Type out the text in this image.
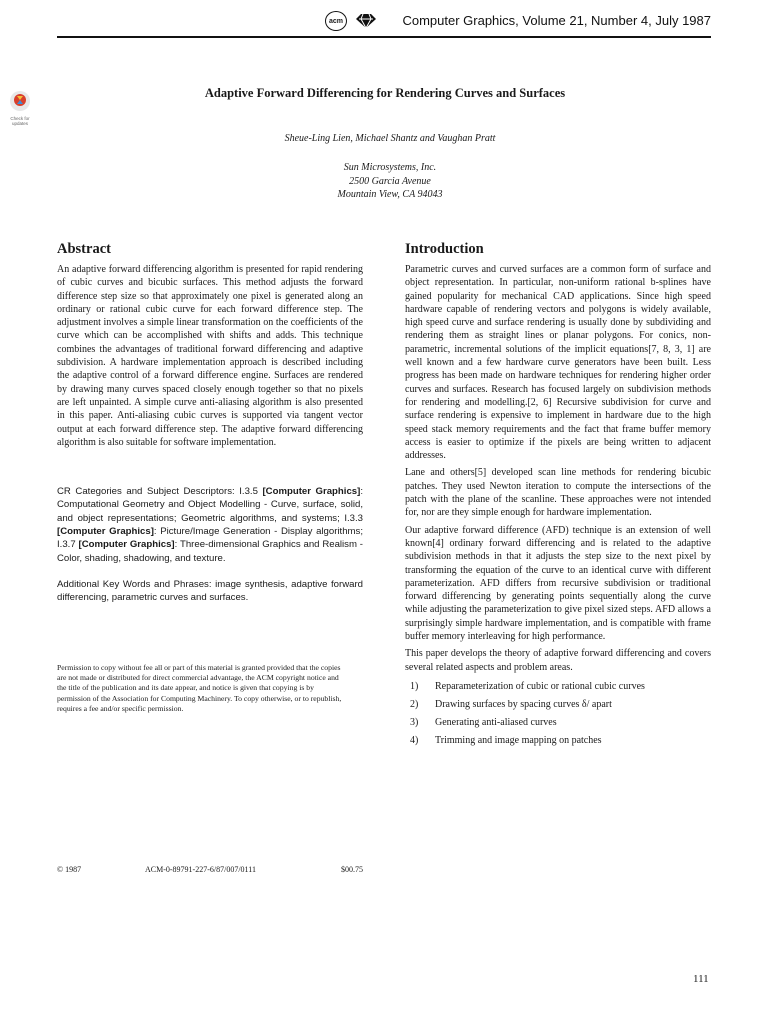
acm	Computer Graphics, Volume 21, Number 4, July 1987
Check for
updates
Adaptive Forward Differencing for Rendering Curves and Surfaces
Sheue-Ling Lien, Michael Shantz and Vaughan Pratt
Sun Microsystems, Inc.
2500 Garcia Avenue
Mountain View, CA 94043
Abstract

An adaptive forward differencing algorithm is presented for rapid rendering of cubic curves and bicubic surfaces. This method adjusts the forward difference step size so that approximately one pixel is generated along an ordinary or rational cubic curve for each forward difference step. The adjustment involves a simple linear transformation on the coefficients of the curve which can be accomplished with shifts and adds. This technique combines the advantages of traditional forward differencing and adaptive subdivision. A hardware implementation approach is described including the adaptive control of a forward difference engine. Surfaces are rendered by drawing many curves spaced closely enough together so that no pixels are left unpainted. A simple curve anti-aliasing algorithm is also presented in this paper. Anti-aliasing cubic curves is supported via tangent vector output at each forward difference step. The adaptive forward differencing algorithm is also suitable for software implementation.

CR Categories and Subject Descriptors: I.3.5 [Computer Graphics]: Computational Geometry and Object Modelling - Curve, surface, solid, and object representations; Geometric algorithms, and systems; I.3.3 [Computer Graphics]: Picture/Image Generation - Display algorithms; I.3.7 [Computer Graphics]: Three-dimensional Graphics and Realism - Color, shading, shadowing, and texture.

Additional Key Words and Phrases: image synthesis, adaptive forward differencing, parametric curves and surfaces.

Permission to copy without fee all or part of this material is granted provided that the copies are not made or distributed for direct commercial advantage, the ACM copyright notice and the title of the publication and its date appear, and notice is given that copying is by permission of the Association for Computing Machinery. To copy otherwise, or to republish, requires a fee and/or specific permission.

© 1987	ACM-0-89791-227-6/87/007/0111	$00.75
Introduction

Parametric curves and curved surfaces are a common form of surface and object representation. In particular, non-uniform rational b-splines have gained popularity for mechanical CAD applications. Since high speed hardware capable of rendering vectors and polygons is widely available, high speed curve and surface rendering is usually done by subdividing and rendering them as straight lines or planar polygons. For conics, non-parametric, incremental solutions of the implicit equations[7, 8, 3, 1] are well known and a few hardware curve generators have been built. Less progress has been made on hardware techniques for rendering higher order curves and surfaces. Research has focused largely on subdivision methods for rendering and modelling.[2, 6] Recursive subdivision for curve and surface rendering is expensive to implement in hardware due to the high speed stack memory requirements and the fact that frame buffer memory access is easier to optimize if the pixels are being written to adjacent addresses.

Lane and others[5] developed scan line methods for rendering bicubic patches. They used Newton iteration to compute the intersections of the patch with the plane of the scanline. These approaches were not intended for, nor are they simple enough for hardware implementation.

Our adaptive forward difference (AFD) technique is an extension of well known[4] ordinary forward differencing and is related to the adaptive subdivision methods in that it adjusts the step size to the next pixel by transforming the equation of the curve to an identical curve with different parameterization. AFD differs from recursive subdivision or traditional forward differencing by generating points sequentially along the curve while adjusting the parameterization to give pixel sized steps. AFD allows a surprisingly simple hardware implementation, and is compatible with frame buffer memory interleaving for high performance.

This paper develops the theory of adaptive forward differencing and covers several related aspects and problem areas.

1) Reparameterization of cubic or rational cubic curves
2) Drawing surfaces by spacing curves δ/ apart
3) Generating anti-aliased curves
4) Trimming and image mapping on patches
111
